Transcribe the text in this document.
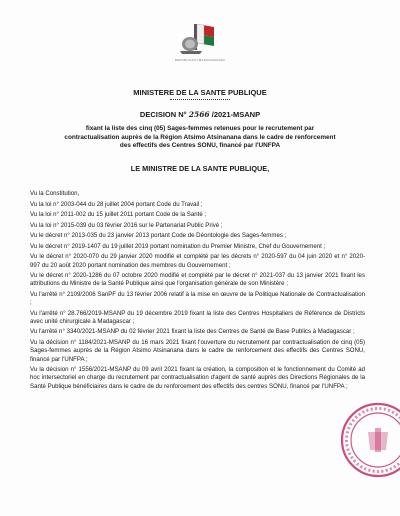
REPOBLIKAN'I MADAGASIKARA
MINISTERE DE LA SANTE PUBLIQUE
DECISION N° 2566 /2021-MSANP
fixant la liste des cinq (05) Sages-femmes retenues pour le recrutement par contractualisation auprès de la Région Atsimo Atsinanana dans le cadre de renforcement des effectifs des Centres SONU, financé par l'UNFPA
LE MINISTRE DE LA SANTE PUBLIQUE,

Vu la Constitution,

Vu la loi n° 2003-044 du 28 juillet 2004 portant Code du Travail ;

Vu la loi n° 2011-002 du 15 juillet 2011 portant Code de la Santé ;

Vu la loi n° 2015-039 du 03 février 2016 sur le Partenariat Public Privé ;

Vu le décret n° 2013-035 du 23 janvier 2013 portant Code de Déontologie des Sages-femmes ;

Vu le décret n° 2019-1407 du 19 juillet 2019 portant nomination du Premier Ministre, Chef du Gouvernement ;

Vu le décret n° 2020-070 du 29 janvier 2020 modifié et complété par les décrets n° 2020-597 du 04 juin 2020 et n° 2020-997 du 20 août 2020 portant nomination des membres du Gouvernement ;

Vu le décret n° 2020-1286 du 07 octobre 2020 modifié et complété par le décret n° 2021-037 du 13 janvier 2021 fixant les attributions du Ministre de la Santé Publique ainsi que l'organisation générale de son Ministère ;

Vu l'arrêté n° 2109/2006 SanPF du 13 février 2006 relatif à la mise en œuvre de la Politique Nationale de Contractualisation ;

Vu l'arrêté n° 28.766/2019-MSANP du 19 décembre 2019 fixant la liste des Centres Hospitaliers de Référence de Districts avec unité chirurgicale à Madagascar ;

Vu l'arrêté n° 3340/2021-MSANP du 02 février 2021 fixant la liste des Centres de Santé de Base Publics à Madagascar ;

Vu la décision n° 1184/2021-MSANP du 16 mars 2021 fixant l'ouverture du recrutement par contractualisation de cinq (05) Sages-femmes auprès de la Région Atsimo Atsinanana dans le cadre de renforcement des effectifs des Centres SONU, financé par l'UNFPA ;

Vu la décision n° 1556/2021-MSANP du 09 avril 2021 fixant la création, la composition et le fonctionnement du Comité ad hoc intersectoriel en charge du recrutement par contractualisation d'agent de santé auprès des Directions Régionales de la Santé Publique bénéficiaires dans le cadre de du renforcement des effectifs des centres SONU, financé par l'UNFPA ;
